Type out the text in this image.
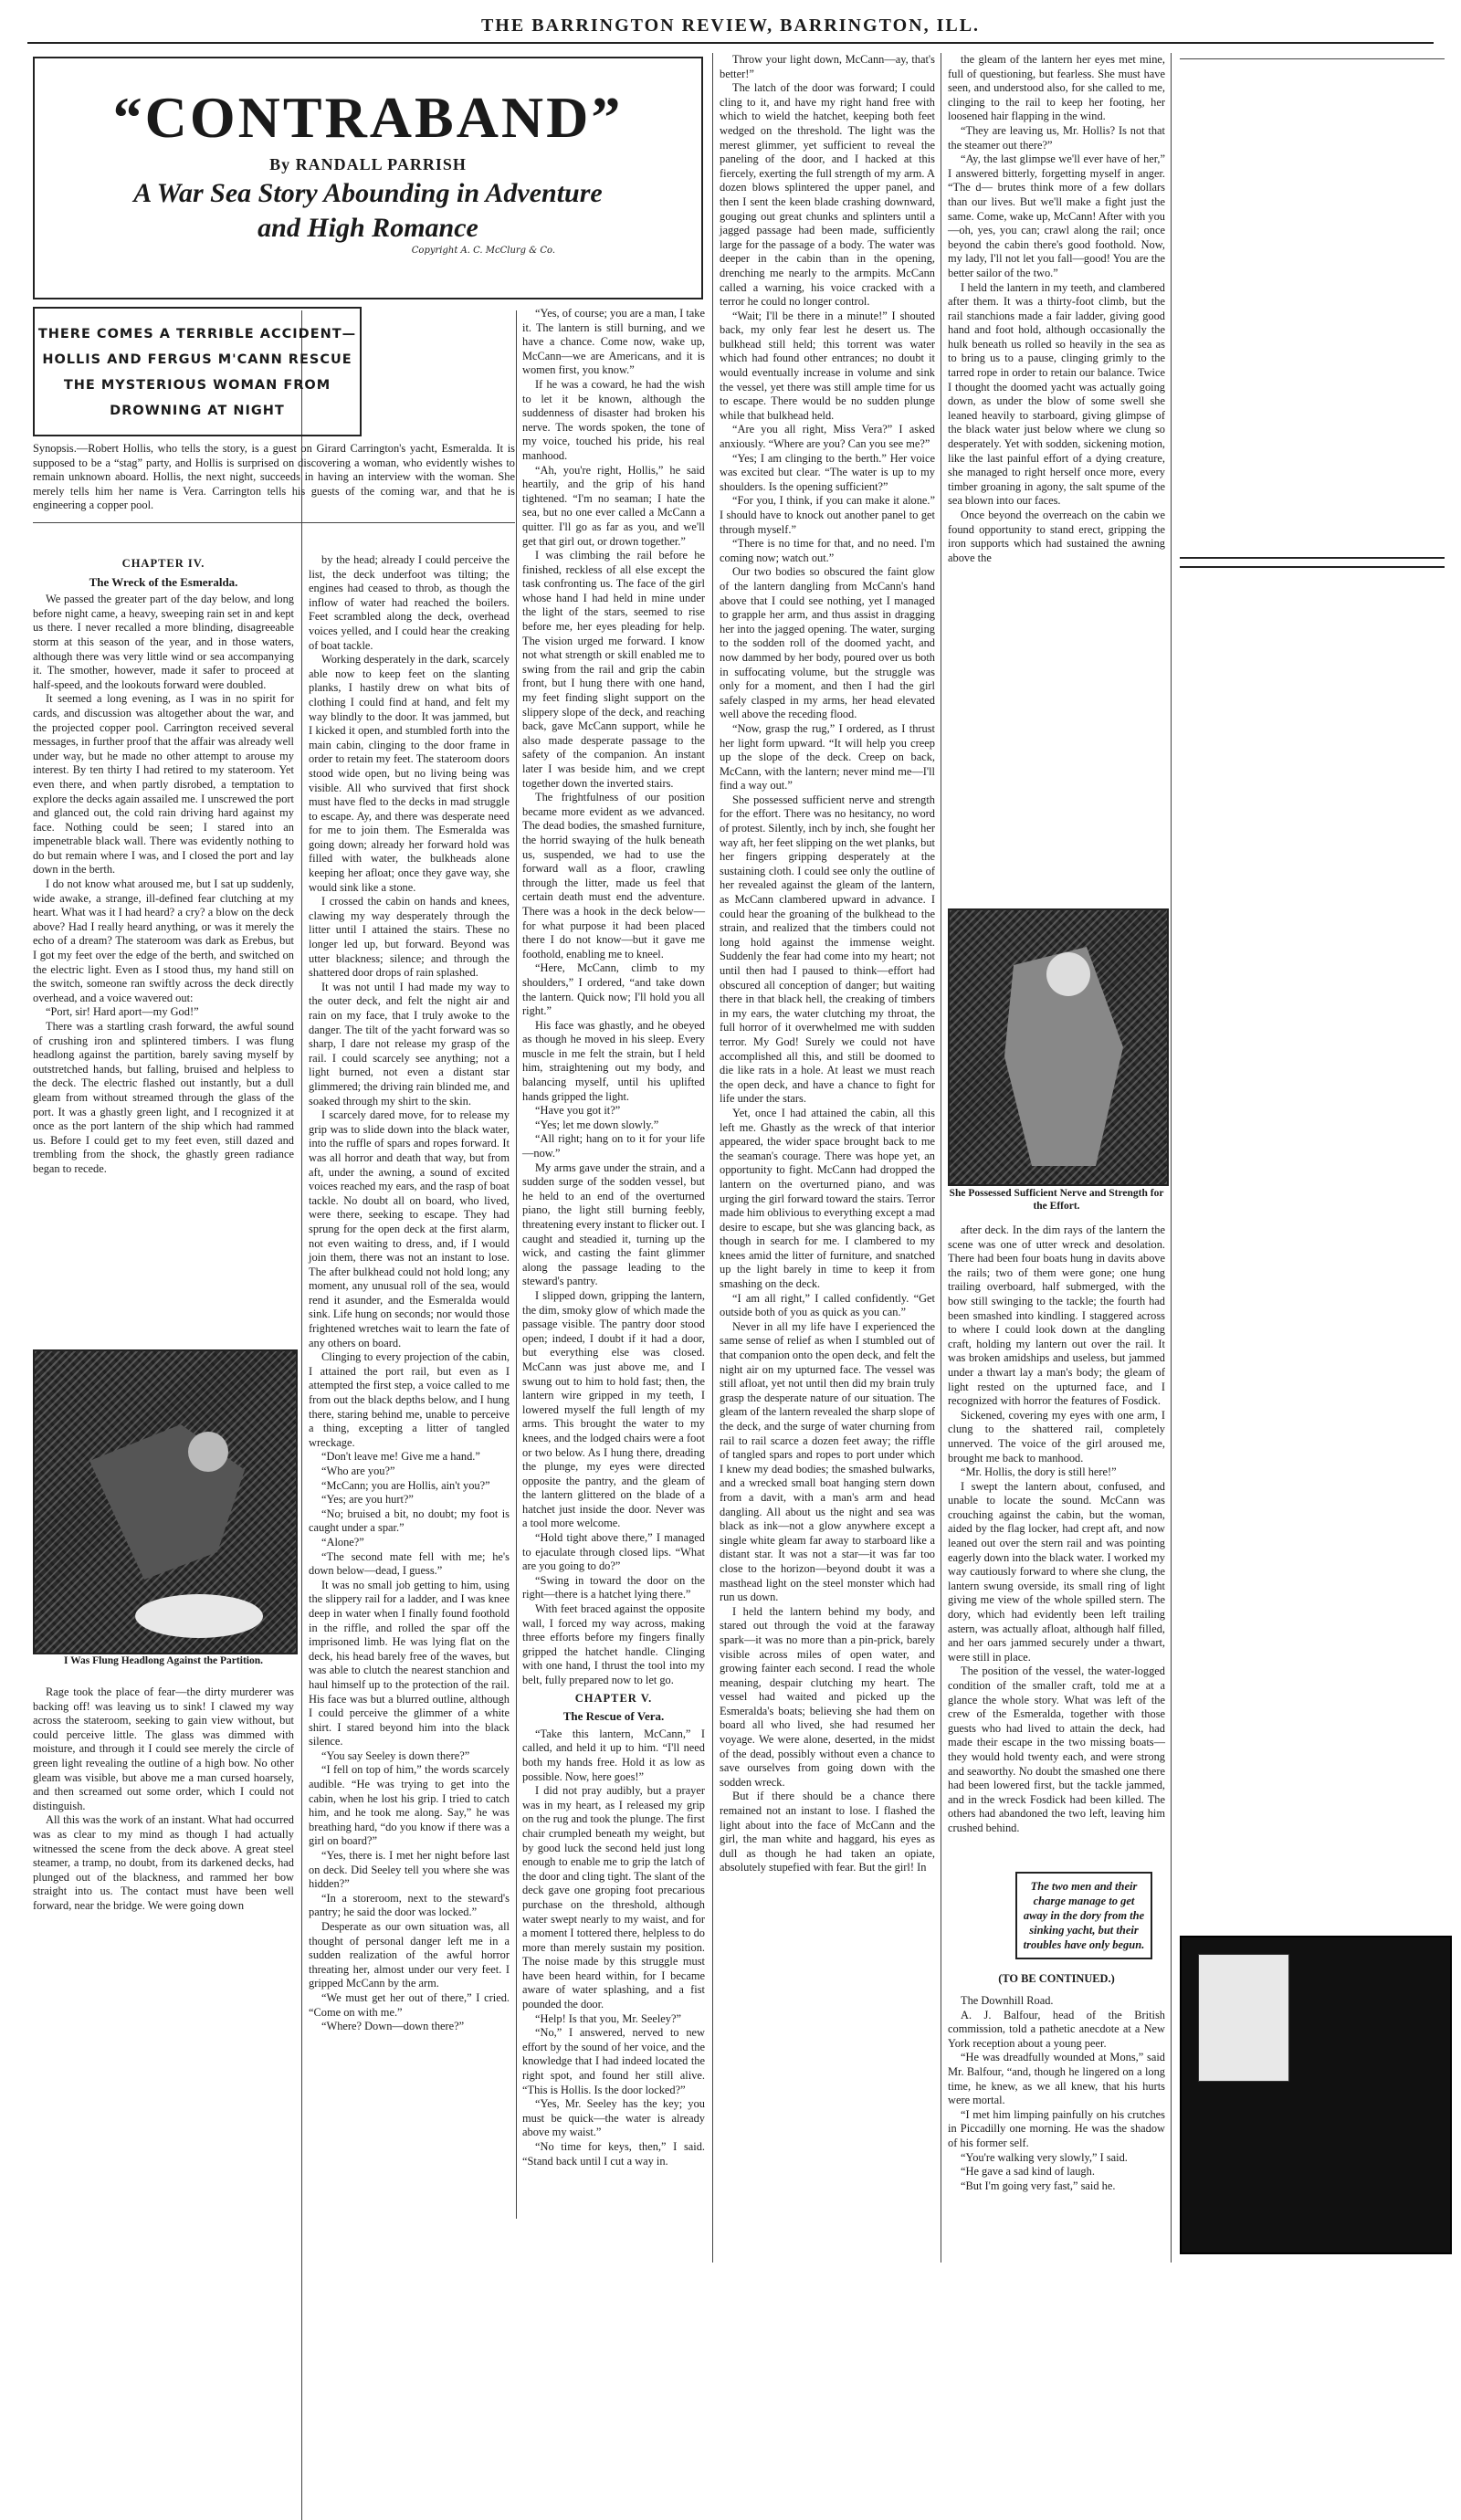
THE BARRINGTON REVIEW, BARRINGTON, ILL.
“CONTRABAND”
By RANDALL PARRISH
A War Sea Story Abounding in Adventure
and High Romance
Copyright A. C. McClurg & Co.
THERE COMES A TERRIBLE ACCIDENT—HOLLIS AND FERGUS M'CANN RESCUE THE MYSTERIOUS WOMAN FROM DROWNING AT NIGHT

“Yes, of course; you are a man, I take it. The lantern is still burning, and we have a chance. Come now, wake up, McCann—we are Americans, and it is women first, you know.”

If he was a coward, he had the wish to let it be known, although the suddenness of disaster had broken his nerve. The words spoken, the tone of my voice, touched his pride, his real manhood.

“Ah, you're right, Hollis,” he said heartily, and the grip of his hand tightened. “I'm no seaman; I hate the sea, but no one ever called a McCann a quitter. I'll go as far as you, and we'll get that girl out, or drown together.”

I was climbing the rail before he finished, reckless of all else except the task confronting us. The face of the girl whose hand I had held in mine under the light of the stars, seemed to rise before me, her eyes pleading for help. The vision urged me forward. I know not what strength or skill enabled me to swing from the rail and grip the cabin front, but I hung there with one hand, my feet finding slight support on the slippery slope of the deck, and reaching back, gave McCann support, while he also made desperate passage to the safety of the companion. An instant later I was beside him, and we crept together down the inverted stairs.

The frightfulness of our position became more evident as we advanced. The dead bodies, the smashed furniture, the horrid swaying of the hulk beneath us, suspended, we had to use the forward wall as a floor, crawling through the litter, made us feel that certain death must end the adventure. There was a hook in the deck below—for what purpose it had been placed there I do not know—but it gave me foothold, enabling me to kneel.

“Here, McCann, climb to my shoulders,” I ordered, “and take down the lantern. Quick now; I'll hold you all right.”

His face was ghastly, and he obeyed as though he moved in his sleep. Every muscle in me felt the strain, but I held him, straightening out my body, and balancing myself, until his uplifted hands gripped the light.

“Have you got it?”

“Yes; let me down slowly.”

“All right; hang on to it for your life—now.”

My arms gave under the strain, and a sudden surge of the sodden vessel, but he held to an end of the overturned piano, the light still burning feebly, threatening every instant to flicker out. I caught and steadied it, turning up the wick, and casting the faint glimmer along the passage leading to the steward's pantry.

I slipped down, gripping the lantern, the dim, smoky glow of which made the passage visible. The pantry door stood open; indeed, I doubt if it had a door, but everything else was closed. McCann was just above me, and I swung out to him to hold fast; then, the lantern wire gripped in my teeth, I lowered myself the full length of my arms. This brought the water to my knees, and the lodged chairs were a foot or two below. As I hung there, dreading the plunge, my eyes were directed opposite the pantry, and the gleam of the lantern glittered on the blade of a hatchet just inside the door. Never was a tool more welcome.

“Hold tight above there,” I managed to ejaculate through closed lips. “What are you going to do?”

“Swing in toward the door on the right—there is a hatchet lying there.”

With feet braced against the opposite wall, I forced my way across, making three efforts before my fingers finally gripped the hatchet handle. Clinging with one hand, I thrust the tool into my belt, fully prepared now to let go.

CHAPTER V.
The Rescue of Vera.

“Take this lantern, McCann,” I called, and held it up to him. “I'll need both my hands free. Hold it as low as possible. Now, here goes!”

I did not pray audibly, but a prayer was in my heart, as I released my grip on the rug and took the plunge. The first chair crumpled beneath my weight, but by good luck the second held just long enough to enable me to grip the latch of the door and cling tight. The slant of the deck gave one groping foot precarious purchase on the threshold, although water swept nearly to my waist, and for a moment I tottered there, helpless to do more than merely sustain my position. The noise made by this struggle must have been heard within, for I became aware of water splashing, and a fist pounded the door.

“Help! Is that you, Mr. Seeley?”

“No,” I answered, nerved to new effort by the sound of her voice, and the knowledge that I had indeed located the right spot, and found her still alive. “This is Hollis. Is the door locked?”

“Yes, Mr. Seeley has the key; you must be quick—the water is already above my waist.”

“No time for keys, then,” I said. “Stand back until I cut a way in.

Synopsis.—Robert Hollis, who tells the story, is a guest on Girard Carrington's yacht, Esmeralda. It is supposed to be a “stag” party, and Hollis is surprised on discovering a woman, who evidently wishes to remain unknown aboard. Hollis, the next night, succeeds in having an interview with the woman. She merely tells him her name is Vera. Carrington tells his guests of the coming war, and that he is engineering a copper pool.
CHAPTER IV.
The Wreck of the Esmeralda.

We passed the greater part of the day below, and long before night came, a heavy, sweeping rain set in and kept us there. I never recalled a more blinding, disagreeable storm at this season of the year, and in those waters, although there was very little wind or sea accompanying it. The smother, however, made it safer to proceed at half-speed, and the lookouts forward were doubled.

It seemed a long evening, as I was in no spirit for cards, and discussion was altogether about the war, and the projected copper pool. Carrington received several messages, in further proof that the affair was already well under way, but he made no other attempt to arouse my interest. By ten thirty I had retired to my stateroom. Yet even there, and when partly disrobed, a temptation to explore the decks again assailed me. I unscrewed the port and glanced out, the cold rain driving hard against my face. Nothing could be seen; I stared into an impenetrable black wall. There was evidently nothing to do but remain where I was, and I closed the port and lay down in the berth.

I do not know what aroused me, but I sat up suddenly, wide awake, a strange, ill-defined fear clutching at my heart. What was it I had heard? a cry? a blow on the deck above? Had I really heard anything, or was it merely the echo of a dream? The stateroom was dark as Erebus, but I got my feet over the edge of the berth, and switched on the electric light. Even as I stood thus, my hand still on the switch, someone ran swiftly across the deck directly overhead, and a voice wavered out:

“Port, sir! Hard aport—my God!”

There was a startling crash forward, the awful sound of crushing iron and splintered timbers. I was flung headlong against the partition, barely saving myself by outstretched hands, but falling, bruised and helpless to the deck. The electric flashed out instantly, but a dull gleam from without streamed through the glass of the port. It was a ghastly green light, and I recognized it at once as the port lantern of the ship which had rammed us. Before I could get to my feet even, still dazed and trembling from the shock, the ghastly green radiance began to recede.

I Was Flung Headlong Against the Partition.

Rage took the place of fear—the dirty murderer was backing off! was leaving us to sink! I clawed my way across the stateroom, seeking to gain view without, but could perceive little. The glass was dimmed with moisture, and through it I could see merely the circle of green light revealing the outline of a high bow. No other gleam was visible, but above me a man cursed hoarsely, and then screamed out some order, which I could not distinguish.

All this was the work of an instant. What had occurred was as clear to my mind as though I had actually witnessed the scene from the deck above. A great steel steamer, a tramp, no doubt, from its darkened decks, had plunged out of the blackness, and rammed her bow straight into us. The contact must have been well forward, near the bridge. We were going down

by the head; already I could perceive the list, the deck underfoot was tilting; the engines had ceased to throb, as though the inflow of water had reached the boilers. Feet scrambled along the deck, overhead voices yelled, and I could hear the creaking of boat tackle.

Working desperately in the dark, scarcely able now to keep feet on the slanting planks, I hastily drew on what bits of clothing I could find at hand, and felt my way blindly to the door. It was jammed, but I kicked it open, and stumbled forth into the main cabin, clinging to the door frame in order to retain my feet. The stateroom doors stood wide open, but no living being was visible. All who survived that first shock must have fled to the decks in mad struggle to escape. Ay, and there was desperate need for me to join them. The Esmeralda was going down; already her forward hold was filled with water, the bulkheads alone keeping her afloat; once they gave way, she would sink like a stone.

I crossed the cabin on hands and knees, clawing my way desperately through the litter until I attained the stairs. These no longer led up, but forward. Beyond was utter blackness; silence; and through the shattered door drops of rain splashed.

It was not until I had made my way to the outer deck, and felt the night air and rain on my face, that I truly awoke to the danger. The tilt of the yacht forward was so sharp, I dare not release my grasp of the rail. I could scarcely see anything; not a light burned, not even a distant star glimmered; the driving rain blinded me, and soaked through my shirt to the skin.

I scarcely dared move, for to release my grip was to slide down into the black water, into the ruffle of spars and ropes forward. It was all horror and death that way, but from aft, under the awning, a sound of excited voices reached my ears, and the rasp of boat tackle. No doubt all on board, who lived, were there, seeking to escape. They had sprung for the open deck at the first alarm, not even waiting to dress, and, if I would join them, there was not an instant to lose. The after bulkhead could not hold long; any moment, any unusual roll of the sea, would rend it asunder, and the Esmeralda would sink. Life hung on seconds; nor would those frightened wretches wait to learn the fate of any others on board.

Clinging to every projection of the cabin, I attained the port rail, but even as I attempted the first step, a voice called to me from out the black depths below, and I hung there, staring behind me, unable to perceive a thing, excepting a litter of tangled wreckage.

“Don't leave me! Give me a hand.”

“Who are you?”

“McCann; you are Hollis, ain't you?”

“Yes; are you hurt?”

“No; bruised a bit, no doubt; my foot is caught under a spar.”

“Alone?”

“The second mate fell with me; he's down below—dead, I guess.”

It was no small job getting to him, using the slippery rail for a ladder, and I was knee deep in water when I finally found foothold in the riffle, and rolled the spar off the imprisoned limb. He was lying flat on the deck, his head barely free of the waves, but was able to clutch the nearest stanchion and haul himself up to the protection of the rail. His face was but a blurred outline, although I could perceive the glimmer of a white shirt. I stared beyond him into the black silence.

“You say Seeley is down there?”

“I fell on top of him,” the words scarcely audible. “He was trying to get into the cabin, when he lost his grip. I tried to catch him, and he took me along. Say,” he was breathing hard, “do you know if there was a girl on board?”

“Yes, there is. I met her night before last on deck. Did Seeley tell you where she was hidden?”

“In a storeroom, next to the steward's pantry; he said the door was locked.”

Desperate as our own situation was, all thought of personal danger left me in a sudden realization of the awful horror threating her, almost under our very feet. I gripped McCann by the arm.

“We must get her out of there,” I cried. “Come on with me.”

“Where? Down—down there?”

Throw your light down, McCann—ay, that's better!”

The latch of the door was forward; I could cling to it, and have my right hand free with which to wield the hatchet, keeping both feet wedged on the threshold. The light was the merest glimmer, yet sufficient to reveal the paneling of the door, and I hacked at this fiercely, exerting the full strength of my arm. A dozen blows splintered the upper panel, and then I sent the keen blade crashing downward, gouging out great chunks and splinters until a jagged passage had been made, sufficiently large for the passage of a body. The water was deeper in the cabin than in the opening, drenching me nearly to the armpits. McCann called a warning, his voice cracked with a terror he could no longer control.

“Wait; I'll be there in a minute!” I shouted back, my only fear lest he desert us. The bulkhead still held; this torrent was water which had found other entrances; no doubt it would eventually increase in volume and sink the vessel, yet there was still ample time for us to escape. There would be no sudden plunge while that bulkhead held.

“Are you all right, Miss Vera?” I asked anxiously. “Where are you? Can you see me?”

“Yes; I am clinging to the berth.” Her voice was excited but clear. “The water is up to my shoulders. Is the opening sufficient?”

“For you, I think, if you can make it alone.” I should have to knock out another panel to get through myself.”

“There is no time for that, and no need. I'm coming now; watch out.”

Our two bodies so obscured the faint glow of the lantern dangling from McCann's hand above that I could see nothing, yet I managed to grapple her arm, and thus assist in dragging her into the jagged opening. The water, surging to the sodden roll of the doomed yacht, and now dammed by her body, poured over us both in suffocating volume, but the struggle was only for a moment, and then I had the girl safely clasped in my arms, her head elevated well above the receding flood.

“Now, grasp the rug,” I ordered, as I thrust her light form upward. “It will help you creep up the slope of the deck. Creep on back, McCann, with the lantern; never mind me—I'll find a way out.”

She possessed sufficient nerve and strength for the effort. There was no hesitancy, no word of protest. Silently, inch by inch, she fought her way aft, her feet slipping on the wet planks, but her fingers gripping desperately at the sustaining cloth. I could see only the outline of her revealed against the gleam of the lantern, as McCann clambered upward in advance. I could hear the groaning of the bulkhead to the strain, and realized that the timbers could not long hold against the immense weight. Suddenly the fear had come into my heart; not until then had I paused to think—effort had obscured all conception of danger; but waiting there in that black hell, the creaking of timbers in my ears, the water clutching my throat, the full horror of it overwhelmed me with sudden terror. My God! Surely we could not have accomplished all this, and still be doomed to die like rats in a hole. At least we must reach the open deck, and have a chance to fight for life under the stars.

Yet, once I had attained the cabin, all this left me. Ghastly as the wreck of that interior appeared, the wider space brought back to me the seaman's courage. There was hope yet, an opportunity to fight. McCann had dropped the lantern on the overturned piano, and was urging the girl forward toward the stairs. Terror made him oblivious to everything except a mad desire to escape, but she was glancing back, as though in search for me. I clambered to my knees amid the litter of furniture, and snatched up the light barely in time to keep it from smashing on the deck.

“I am all right,” I called confidently. “Get outside both of you as quick as you can.”

Never in all my life have I experienced the same sense of relief as when I stumbled out of that companion onto the open deck, and felt the night air on my upturned face. The vessel was still afloat, yet not until then did my brain truly grasp the desperate nature of our situation. The gleam of the lantern revealed the sharp slope of the deck, and the surge of water churning from rail to rail scarce a dozen feet away; the riffle of tangled spars and ropes to port under which I knew my dead bodies; the smashed bulwarks, and a wrecked small boat hanging stern down from a davit, with a man's arm and head dangling. All about us the night and sea was black as ink—not a glow anywhere except a single white gleam far away to starboard like a distant star. It was not a star—it was far too close to the horizon—beyond doubt it was a masthead light on the steel monster which had run us down.

I held the lantern behind my body, and stared out through the void at the faraway spark—it was no more than a pin-prick, barely visible across miles of open water, and growing fainter each second. I read the whole meaning, despair clutching my heart. The vessel had waited and picked up the Esmeralda's boats; believing she had them on board all who lived, she had resumed her voyage. We were alone, deserted, in the midst of the dead, possibly without even a chance to save ourselves from going down with the sodden wreck.

But if there should be a chance there remained not an instant to lose. I flashed the light about into the face of McCann and the girl, the man white and haggard, his eyes as dull as though he had taken an opiate, absolutely stupefied with fear. But the girl! In

the gleam of the lantern her eyes met mine, full of questioning, but fearless. She must have seen, and understood also, for she called to me, clinging to the rail to keep her footing, her loosened hair flapping in the wind.

“They are leaving us, Mr. Hollis? Is not that the steamer out there?”

“Ay, the last glimpse we'll ever have of her,” I answered bitterly, forgetting myself in anger. “The d— brutes think more of a few dollars than our lives. But we'll make a fight just the same. Come, wake up, McCann! After with you—oh, yes, you can; crawl along the rail; once beyond the cabin there's good foothold. Now, my lady, I'll not let you fall—good! You are the better sailor of the two.”

I held the lantern in my teeth, and clambered after them. It was a thirty-foot climb, but the rail stanchions made a fair ladder, giving good hand and foot hold, although occasionally the hulk beneath us rolled so heavily in the sea as to bring us to a pause, clinging grimly to the tarred rope in order to retain our balance. Twice I thought the doomed yacht was actually going down, as under the blow of some swell she leaned heavily to starboard, giving glimpse of the black water just below where we clung so desperately. Yet with sodden, sickening motion, like the last painful effort of a dying creature, she managed to right herself once more, every timber groaning in agony, the salt spume of the sea blown into our faces.

Once beyond the overreach on the cabin we found opportunity to stand erect, gripping the iron supports which had sustained the awning above the

She Possessed Sufficient Nerve and Strength for the Effort.

after deck. In the dim rays of the lantern the scene was one of utter wreck and desolation. There had been four boats hung in davits above the rails; two of them were gone; one hung trailing overboard, half submerged, with the bow still swinging to the tackle; the fourth had been smashed into kindling. I staggered across to where I could look down at the dangling craft, holding my lantern out over the rail. It was broken amidships and useless, but jammed under a thwart lay a man's body; the gleam of light rested on the upturned face, and I recognized with horror the features of Fosdick.

Sickened, covering my eyes with one arm, I clung to the shattered rail, completely unnerved. The voice of the girl aroused me, brought me back to manhood.

“Mr. Hollis, the dory is still here!”

I swept the lantern about, confused, and unable to locate the sound. McCann was crouching against the cabin, but the woman, aided by the flag locker, had crept aft, and now leaned out over the stern rail and was pointing eagerly down into the black water. I worked my way cautiously forward to where she clung, the lantern swung overside, its small ring of light giving me view of the whole spilled stern. The dory, which had evidently been left trailing astern, was actually afloat, although half filled, and her oars jammed securely under a thwart, were still in place.

The position of the vessel, the water-logged condition of the smaller craft, told me at a glance the whole story. What was left of the crew of the Esmeralda, together with those guests who had lived to attain the deck, had made their escape in the two missing boats—they would hold twenty each, and were strong and seaworthy. No doubt the smashed one there had been lowered first, but the tackle jammed, and in the wreck Fosdick had been killed. The others had abandoned the two left, leaving him crushed behind.

The two men and their charge manage to get away in the dory from the sinking yacht, but their troubles have only begun.
(TO BE CONTINUED.)

The Downhill Road.

A. J. Balfour, head of the British commission, told a pathetic anecdote at a New York reception about a young peer.

“He was dreadfully wounded at Mons,” said Mr. Balfour, “and, though he lingered on a long time, he knew, as we all knew, that his hurts were mortal.

“I met him limping painfully on his crutches in Piccadilly one morning. He was the shadow of his former self.

“You're walking very slowly,” I said.

“He gave a sad kind of laugh.

“But I'm going very fast,” said he.
